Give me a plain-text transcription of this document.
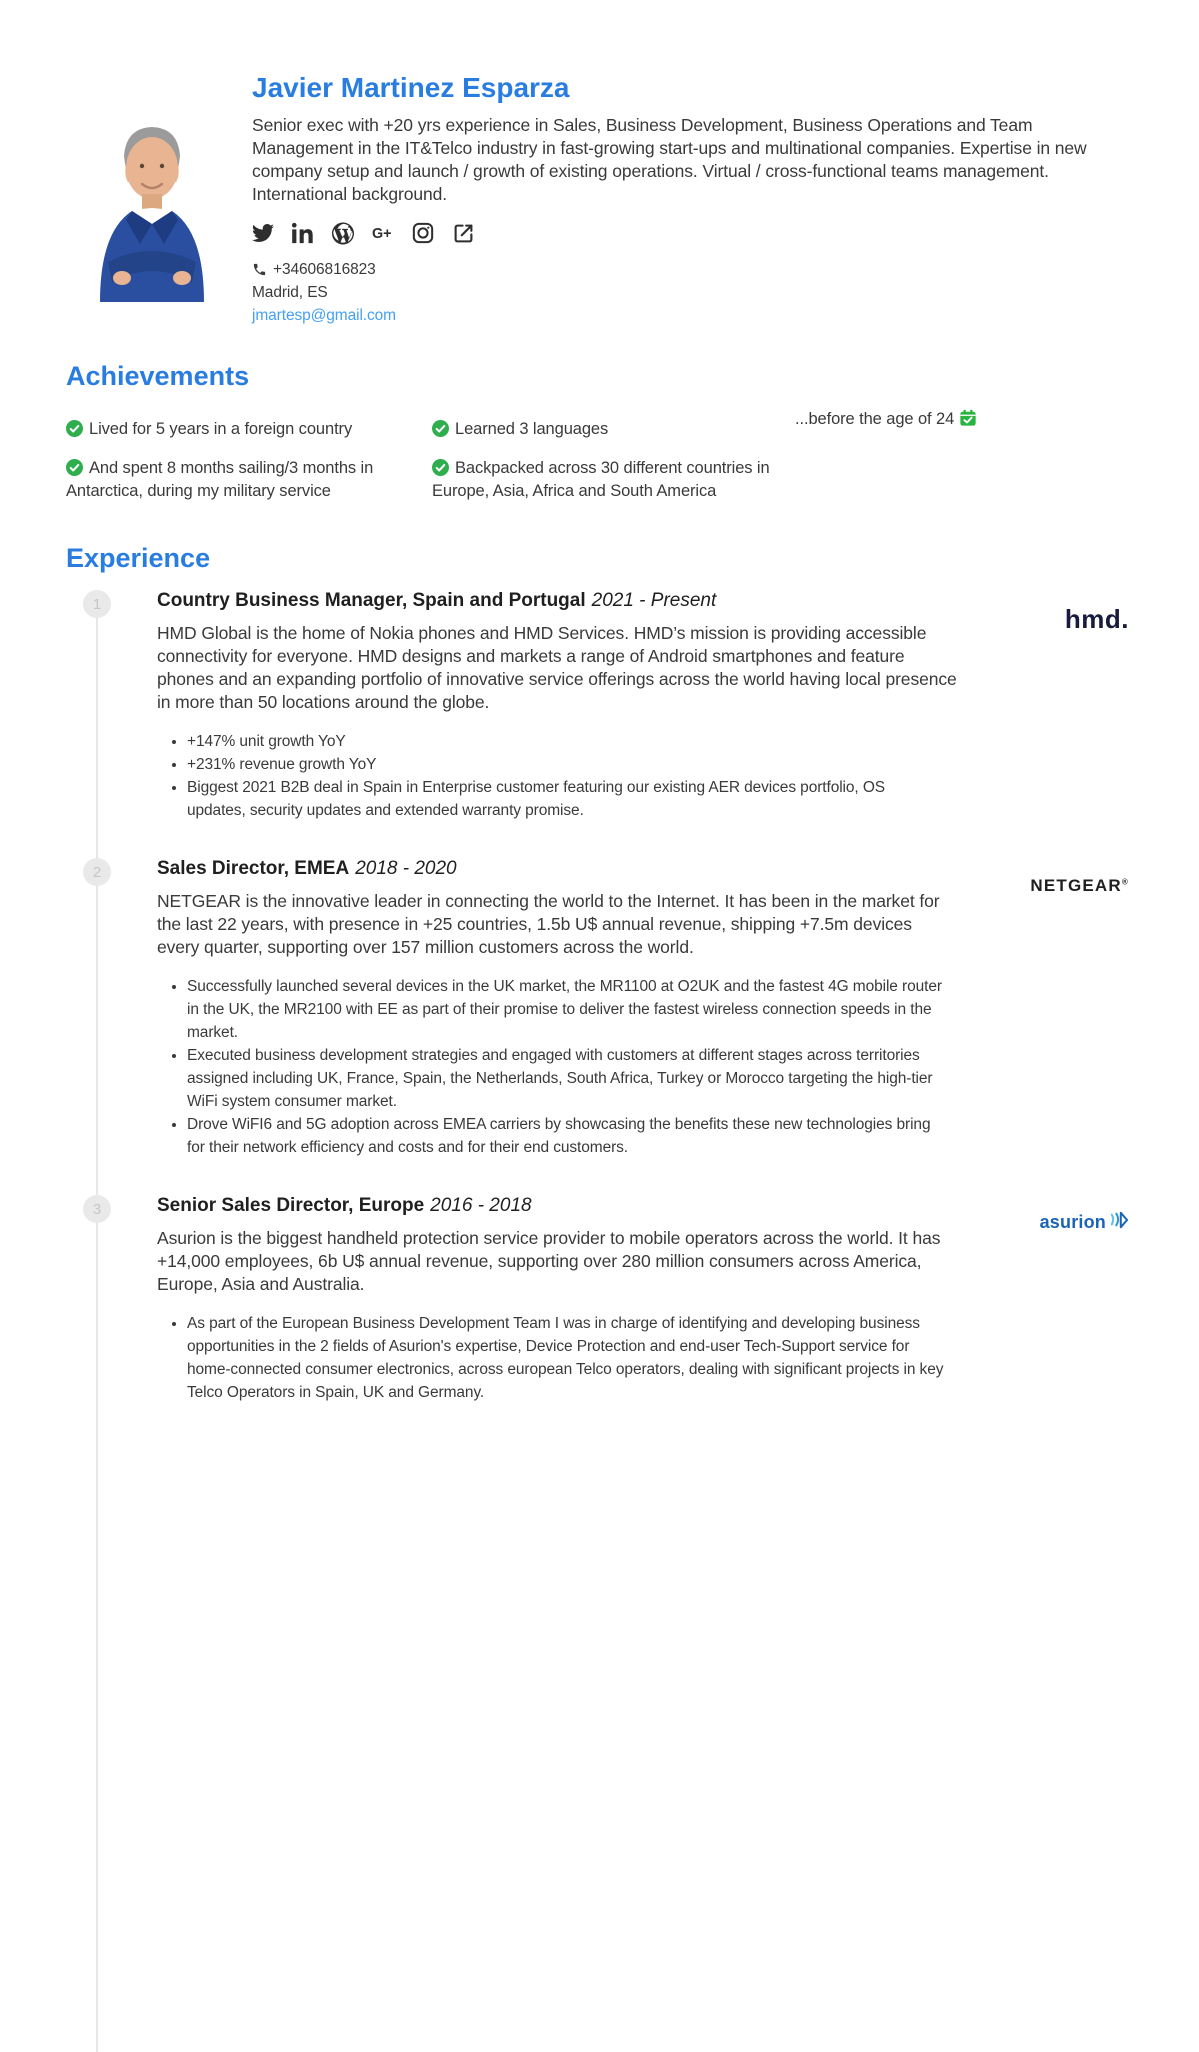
Javier Martinez Esparza

Senior exec with +20 yrs experience in Sales, Business Development, Business Operations and Team Management in the IT&Telco industry in fast-growing start-ups and multinational companies. Expertise in new company setup and launch / growth of existing operations. Virtual / cross-functional teams management. International background.

G+
+34606816823
Madrid, ES
jmartesp@gmail.com
Achievements
Lived for 5 years in a foreign country	Learned 3 languages
And spent 8 months sailing/3 months in Antarctica, during my military service
Backpacked across 30 different countries in Europe, Asia, Africa and South America
...before the age of 24
Experience
1	Country Business Manager, Spain and Portugal 2021 - Present

HMD Global is the home of Nokia phones and HMD Services. HMD’s mission is providing accessible connectivity for everyone. HMD designs and markets a range of Android smartphones and feature phones and an expanding portfolio of innovative service offerings across the world having local presence in more than 50 locations around the globe.

• +147% unit growth YoY
• +231% revenue growth YoY
• Biggest 2021 B2B deal in Spain in Enterprise customer featuring our existing AER devices portfolio, OS updates, security updates and extended warranty promise.
hmd.
2	Sales Director, EMEA 2018 - 2020

NETGEAR is the innovative leader in connecting the world to the Internet. It has been in the market for the last 22 years, with presence in +25 countries, 1.5b U$ annual revenue, shipping +7.5m devices every quarter, supporting over 157 million customers across the world.

• Successfully launched several devices in the UK market, the MR1100 at O2UK and the fastest 4G mobile router in the UK, the MR2100 with EE as part of their promise to deliver the fastest wireless connection speeds in the market.
• Executed business development strategies and engaged with customers at different stages across territories assigned including UK, France, Spain, the Netherlands, South Africa, Turkey or Morocco targeting the high-tier WiFi system consumer market.
• Drove WiFI6 and 5G adoption across EMEA carriers by showcasing the benefits these new technologies bring for their network efficiency and costs and for their end customers.
NETGEAR®
3	Senior Sales Director, Europe 2016 - 2018

Asurion is the biggest handheld protection service provider to mobile operators across the world. It has +14,000 employees, 6b U$ annual revenue, supporting over 280 million consumers across America, Europe, Asia and Australia.

• As part of the European Business Development Team I was in charge of identifying and developing business opportunities in the 2 fields of Asurion's expertise, Device Protection and end-user Tech-Support service for home-connected consumer electronics, across european Telco operators, dealing with significant projects in key Telco Operators in Spain, UK and Germany.
asurion
